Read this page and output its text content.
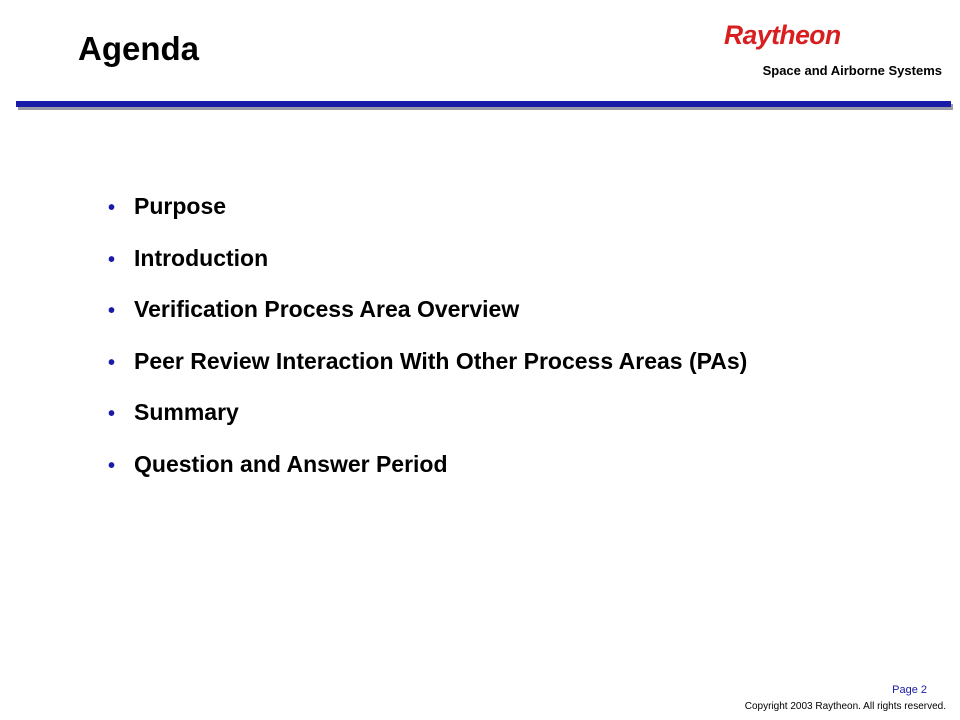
Agenda	Raytheon
Space and Airborne Systems
• Purpose
• Introduction
• Verification Process Area Overview
• Peer Review Interaction With Other Process Areas (PAs)
• Summary
• Question and Answer Period
Page 2
Copyright 2003 Raytheon. All rights reserved.
